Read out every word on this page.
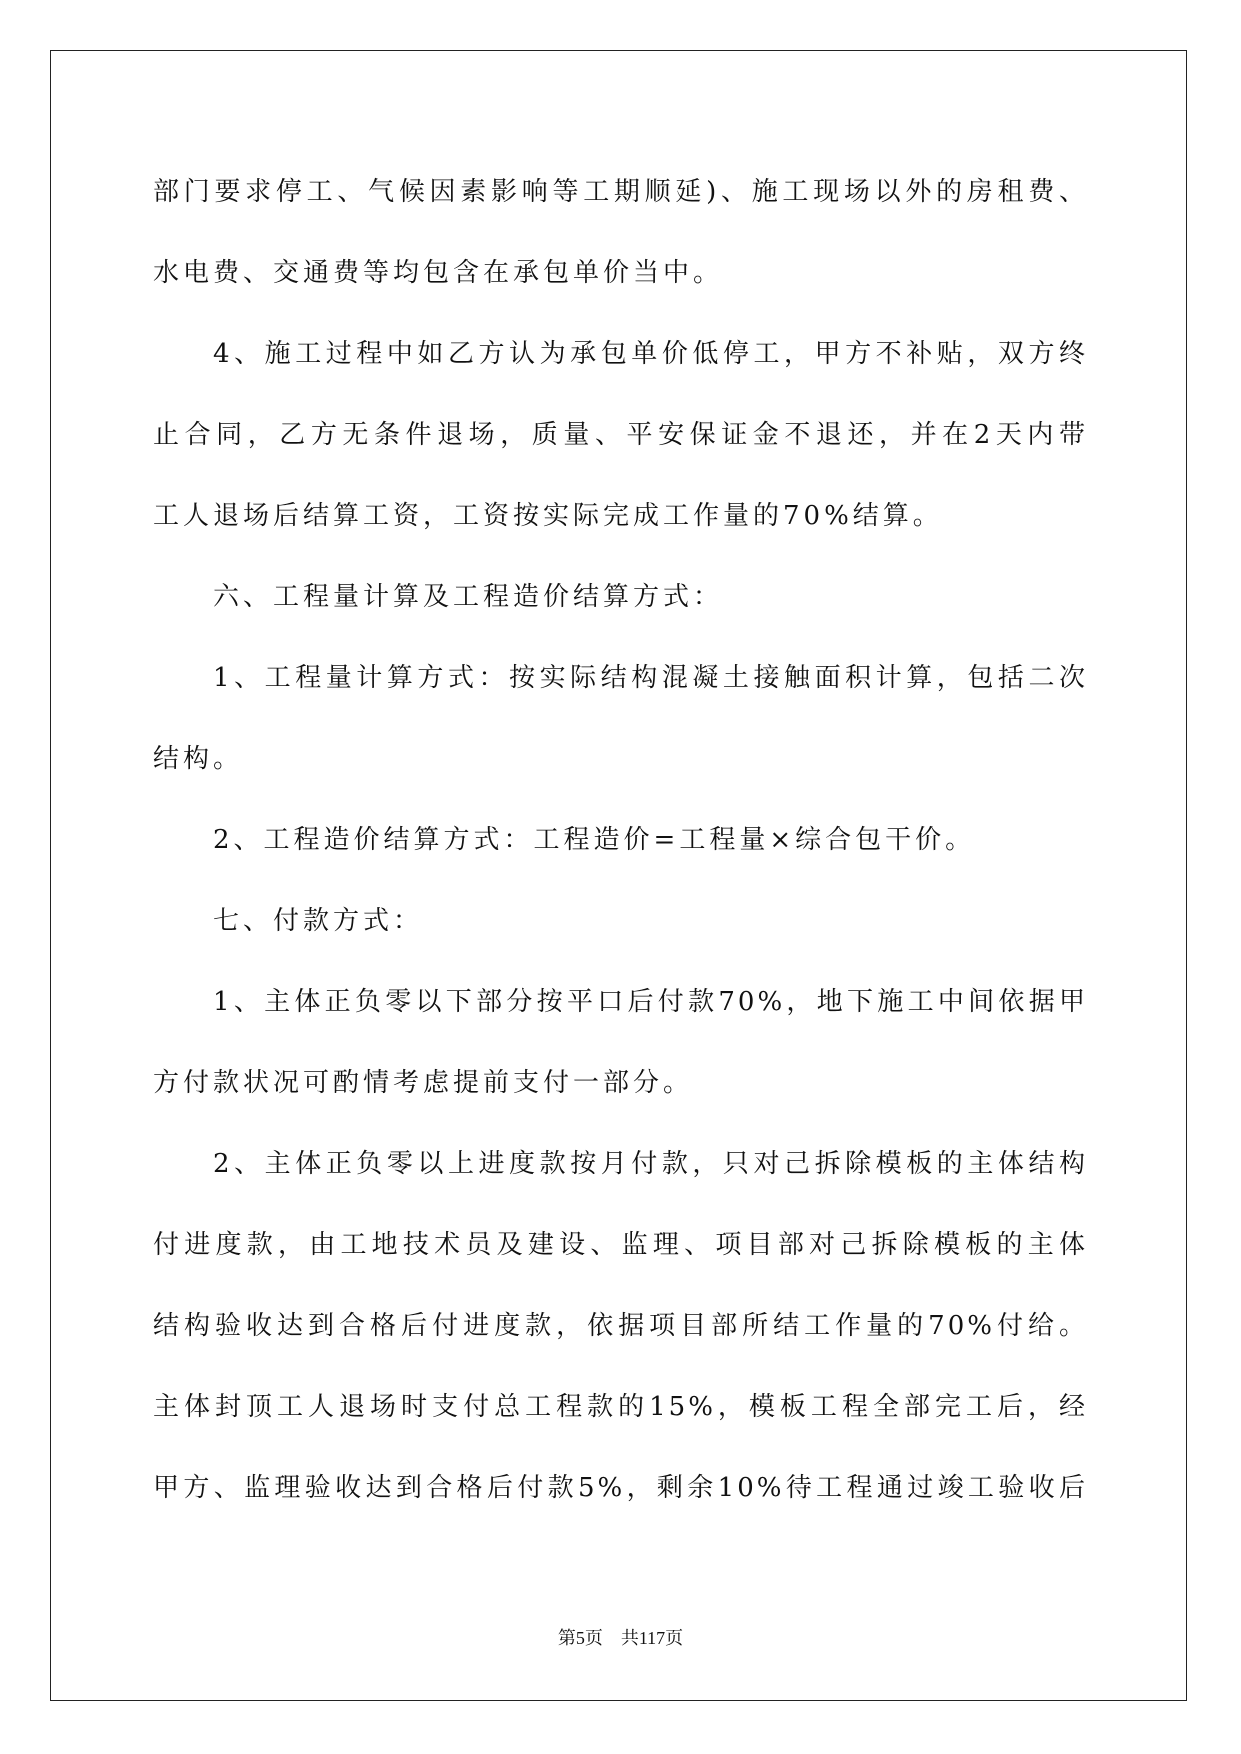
部门要求停工、气候因素影响等工期顺延)、施工现场以外的房租费、
水电费、交通费等均包含在承包单价当中。
4、施工过程中如乙方认为承包单价低停工，甲方不补贴，双方终
止合同，乙方无条件退场，质量、平安保证金不退还，并在2天内带
工人退场后结算工资，工资按实际完成工作量的70%结算。
六、工程量计算及工程造价结算方式：
1、工程量计算方式：按实际结构混凝土接触面积计算，包括二次
结构。
2、工程造价结算方式：工程造价=工程量×综合包干价。
七、付款方式：
1、主体正负零以下部分按平口后付款70%，地下施工中间依据甲
方付款状况可酌情考虑提前支付一部分。
2、主体正负零以上进度款按月付款，只对己拆除模板的主体结构
付进度款，由工地技术员及建设、监理、项目部对己拆除模板的主体
结构验收达到合格后付进度款，依据项目部所结工作量的70%付给。
主体封顶工人退场时支付总工程款的15%，模板工程全部完工后，经
甲方、监理验收达到合格后付款5%，剩余10%待工程通过竣工验收后
第5页 共117页
